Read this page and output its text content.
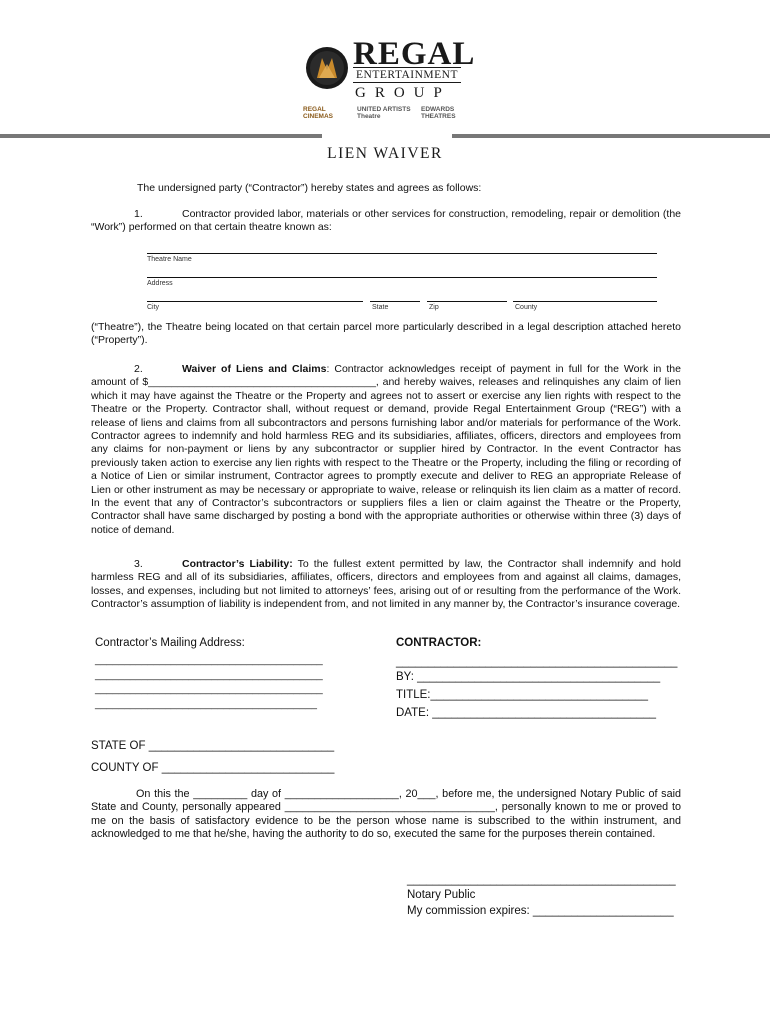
REGAL
ENTERTAINMENT
GROUP
REGAL CINEMAS
UNITED ARTISTS Theatre
EDWARDS THEATRES
LIEN WAIVER
The undersigned party (“Contractor”) hereby states and agrees as follows:
1.	Contractor provided labor, materials or other services for construction, remodeling, repair or demolition (the “Work”) performed on that certain theatre known as:
Theatre Name
Address
City	State	Zip	County
(“Theatre”), the Theatre being located on that certain parcel more particularly described in a legal description attached hereto (“Property”).
2.	Waiver of Liens and Claims: Contractor acknowledges receipt of payment in full for the Work in the amount of $_______________________________________, and hereby waives, releases and relinquishes any claim of lien which it may have against the Theatre or the Property and agrees not to assert or exercise any lien rights with respect to the Theatre or the Property. Contractor shall, without request or demand, provide Regal Entertainment Group (“REG”) with a release of liens and claims from all subcontractors and persons furnishing labor and/or materials for performance of the Work. Contractor agrees to indemnify and hold harmless REG and its subsidiaries, affiliates, officers, directors and employees from any claims for non-payment or liens by any subcontractor or supplier hired by Contractor. In the event Contractor has previously taken action to exercise any lien rights with respect to the Theatre or the Property, including the filing or recording of a Notice of Lien or similar instrument, Contractor agrees to promptly execute and deliver to REG an appropriate Release of Lien or other instrument as may be necessary or appropriate to waive, release or relinquish its lien claim as a matter of record. In the event that any of Contractor’s subcontractors or suppliers files a lien or claim against the Theatre or the Property, Contractor shall have same discharged by posting a bond with the appropriate authorities or otherwise within three (3) days of notice of demand.
3.	Contractor’s Liability: To the fullest extent permitted by law, the Contractor shall indemnify and hold harmless REG and all of its subsidiaries, affiliates, officers, directors and employees from and against all claims, damages, losses, and expenses, including but not limited to attorneys’ fees, arising out of or resulting from the performance of the Work. Contractor’s assumption of liability is independent from, and not limited in any manner by, the Contractor’s insurance coverage.
Contractor’s Mailing Address:
_______________________________________
_______________________________________
_______________________________________
______________________________________
CONTRACTOR:
____________________________________________
BY: ______________________________________
TITLE:__________________________________
DATE: ___________________________________
STATE OF _____________________________
COUNTY OF ___________________________
On this the _________ day of ___________________, 20___, before me, the undersigned Notary Public of said State and County, personally appeared ___________________________________, personally known to me or proved to me on the basis of satisfactory evidence to be the person whose name is subscribed to the within instrument, and acknowledged to me that he/she, having the authority to do so, executed the same for the purposes therein contained.
__________________________________________
Notary Public
My commission expires: ______________________
